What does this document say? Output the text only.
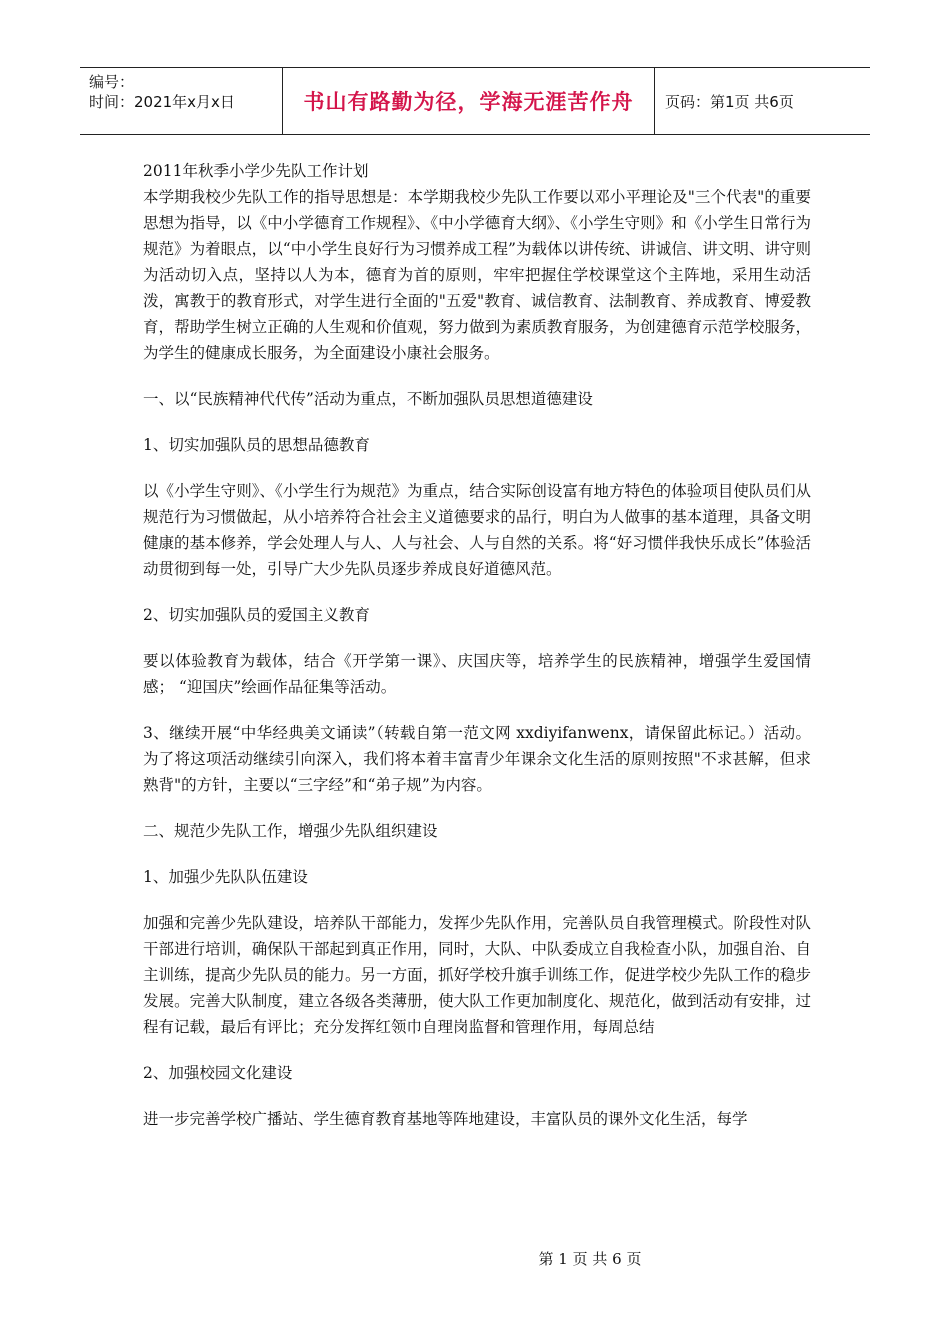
编号：
时间：2021年x月x日	书山有路勤为径，学海无涯苦作舟 页码：第1页 共6页

2011年秋季小学少先队工作计划

本学期我校少先队工作的指导思想是：本学期我校少先队工作要以邓小平理论及"三个代表"的重要思想为指导，以《中小学德育工作规程》、《中小学德育大纲》、《小学生守则》和《小学生日常行为规范》为着眼点，以“中小学生良好行为习惯养成工程”为载体以讲传统、讲诚信、讲文明、讲守则为活动切入点，坚持以人为本，德育为首的原则，牢牢把握住学校课堂这个主阵地，采用生动活泼，寓教于的教育形式，对学生进行全面的"五爱"教育、诚信教育、法制教育、养成教育、博爱教育，帮助学生树立正确的人生观和价值观，努力做到为素质教育服务，为创建德育示范学校服务，为学生的健康成长服务，为全面建设小康社会服务。

一、以“民族精神代代传”活动为重点，不断加强队员思想道德建设

1、切实加强队员的思想品德教育

以《小学生守则》、《小学生行为规范》为重点，结合实际创设富有地方特色的体验项目使队员们从规范行为习惯做起，从小培养符合社会主义道德要求的品行，明白为人做事的基本道理，具备文明健康的基本修养，学会处理人与人、人与社会、人与自然的关系。将“好习惯伴我快乐成长”体验活动贯彻到每一处，引导广大少先队员逐步养成良好道德风范。

2、切实加强队员的爱国主义教育

要以体验教育为载体，结合《开学第一课》、庆国庆等，培养学生的民族精神，增强学生爱国情感； “迎国庆”绘画作品征集等活动。

3、继续开展“中华经典美文诵读”（转载自第一范文网 xxdiyifanwenx，请保留此标记。）活动。为了将这项活动继续引向深入，我们将本着丰富青少年课余文化生活的原则按照"不求甚解，但求熟背"的方针，主要以“三字经”和“弟子规”为内容。

二、规范少先队工作，增强少先队组织建设

1、加强少先队队伍建设

加强和完善少先队建设，培养队干部能力，发挥少先队作用，完善队员自我管理模式。阶段性对队干部进行培训，确保队干部起到真正作用，同时，大队、中队委成立自我检查小队，加强自治、自主训练，提高少先队员的能力。另一方面，抓好学校升旗手训练工作，促进学校少先队工作的稳步发展。完善大队制度，建立各级各类薄册，使大队工作更加制度化、规范化，做到活动有安排，过程有记载，最后有评比；充分发挥红领巾自理岗监督和管理作用，每周总结

2、加强校园文化建设

进一步完善学校广播站、学生德育教育基地等阵地建设，丰富队员的课外文化生活，每学

第 1 页 共 6 页
